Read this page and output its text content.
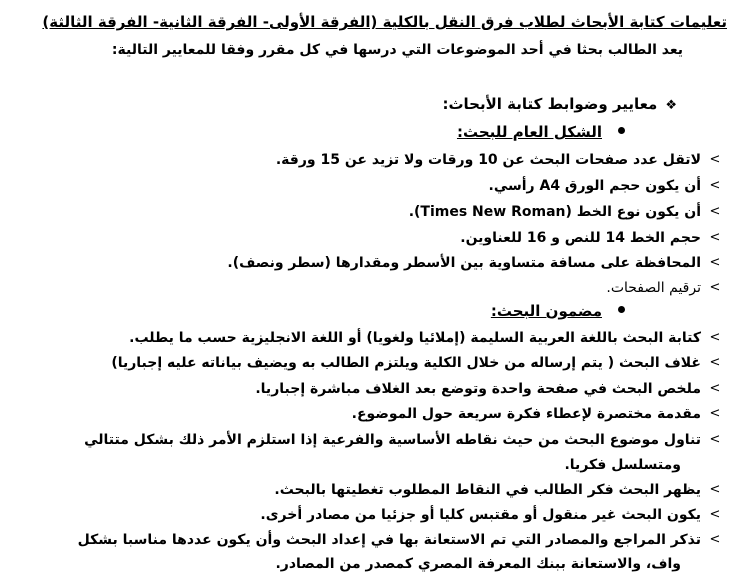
تعليمات كتابة الأبحاث لطلاب فرق النقل بالكلية (الفرقة الأولى- الفرقة الثانية- الفرقة الثالثة)
يعد الطالب بحثا في أحد الموضوعات التي درسها في كل مقرر وفقا للمعايير التالية:
❖معايير وضوابط كتابة الأبحاث:
الشكل العام للبحث:
>
لاتقل عدد صفحات البحث عن 10 ورقات ولا تزيد عن 15 ورقة.
>
أن يكون حجم الورق A4 رأسي.
>
أن يكون نوع الخط (Times New Roman).
>
حجم الخط 14 للنص و 16 للعناوين.
>
المحافظة على مسافة متساوية بين الأسطر ومقدارها (سطر ونصف).
>
ترقيم الصفحات.
مضمون البحث:
>
كتابة البحث باللغة العربية السليمة (إملائيا ولغويا) أو اللغة الانجليزية حسب ما يطلب.
>
غلاف البحث ( يتم إرساله من خلال الكلية ويلتزم الطالب به ويضيف بياناته عليه إجباريا)
>
ملخص البحث في صفحة واحدة وتوضع بعد الغلاف مباشرة إجباريا.
>
مقدمة مختصرة لإعطاء فكرة سريعة حول الموضوع.
>
تناول موضوع البحث من حيث نقاطه الأساسية والفرعية إذا استلزم الأمر ذلك بشكل متتالي
ومتسلسل فكريا.
>
يظهر البحث فكر الطالب في النقاط المطلوب تغطيتها بالبحث.
>
يكون البحث غير منقول أو مقتبس كليا أو جزئيا من مصادر أخرى.
>
تذكر المراجع والمصادر التي تم الاستعانة بها في إعداد البحث وأن يكون عددها مناسبا بشكل
واف، والاستعانة ببنك المعرفة المصري كمصدر من المصادر.
